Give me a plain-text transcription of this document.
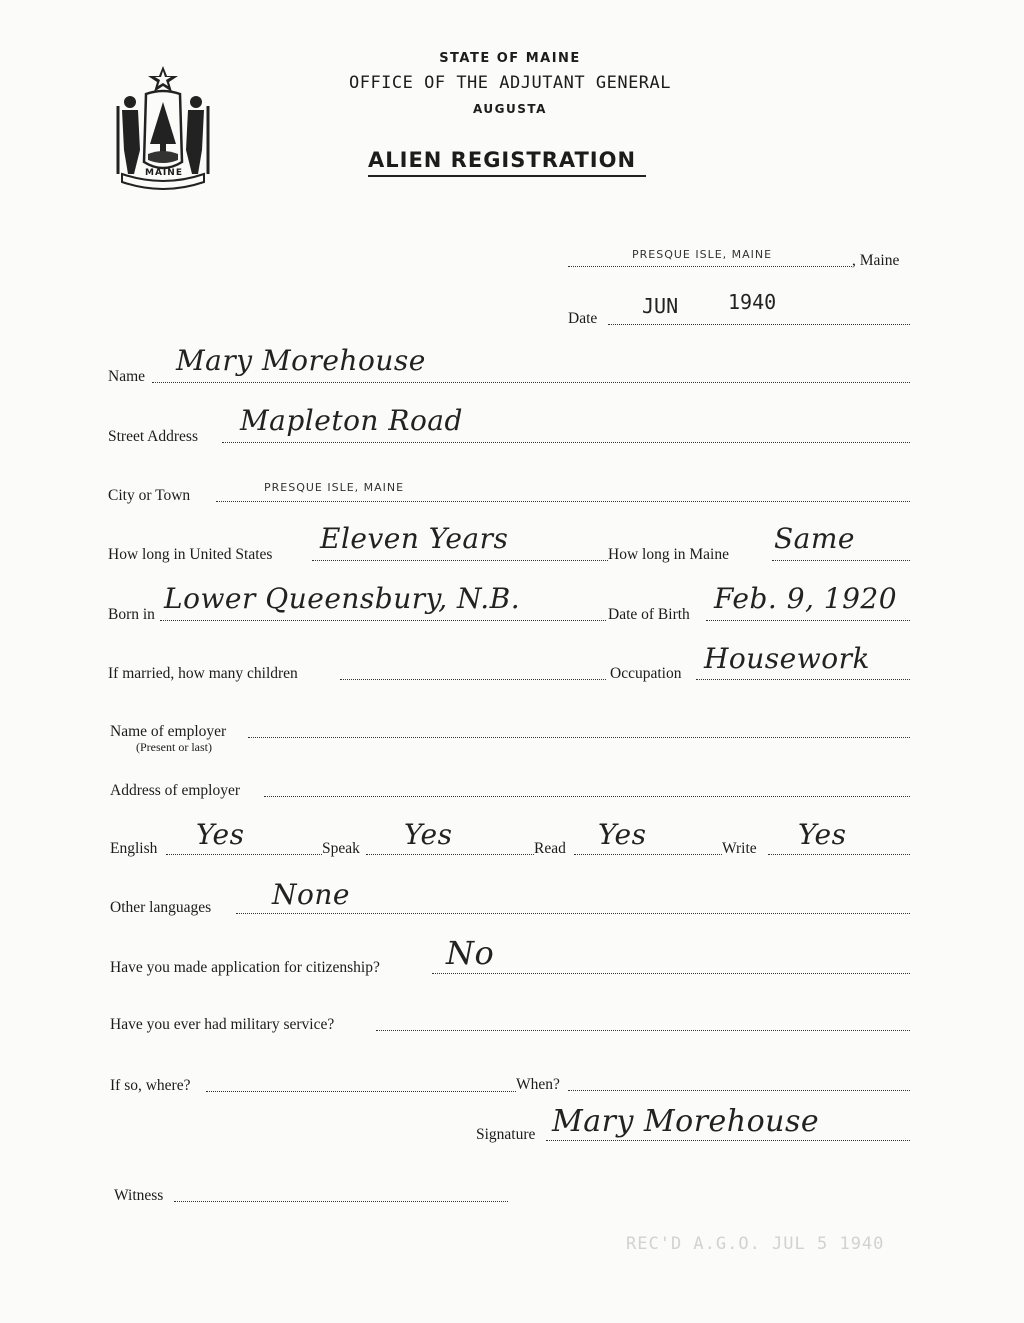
MAINE
STATE OF MAINE
OFFICE OF THE ADJUTANT GENERAL
AUGUSTA
ALIEN REGISTRATION
PRESQUE ISLE, MAINE	, Maine
Date
JUN 1940
Name Mary Morehouse
Street Address Mapleton Road
City or Town	PRESQUE ISLE, MAINE
How long in United States Eleven Years	How long in Maine Same
Born in Lower Queensbury, N.B.	Date of Birth Feb. 9, 1920
If married, how many children	Occupation Housework
Name of employer
(Present or last)
Address of employer
English Yes	Speak Yes	Read Yes	Write Yes
Other languages None
Have you made application for citizenship? No
Have you ever had military service?
If so, where?	When?
Signature Mary Morehouse
Witness
REC'D A.G.O. JUL 5 1940
